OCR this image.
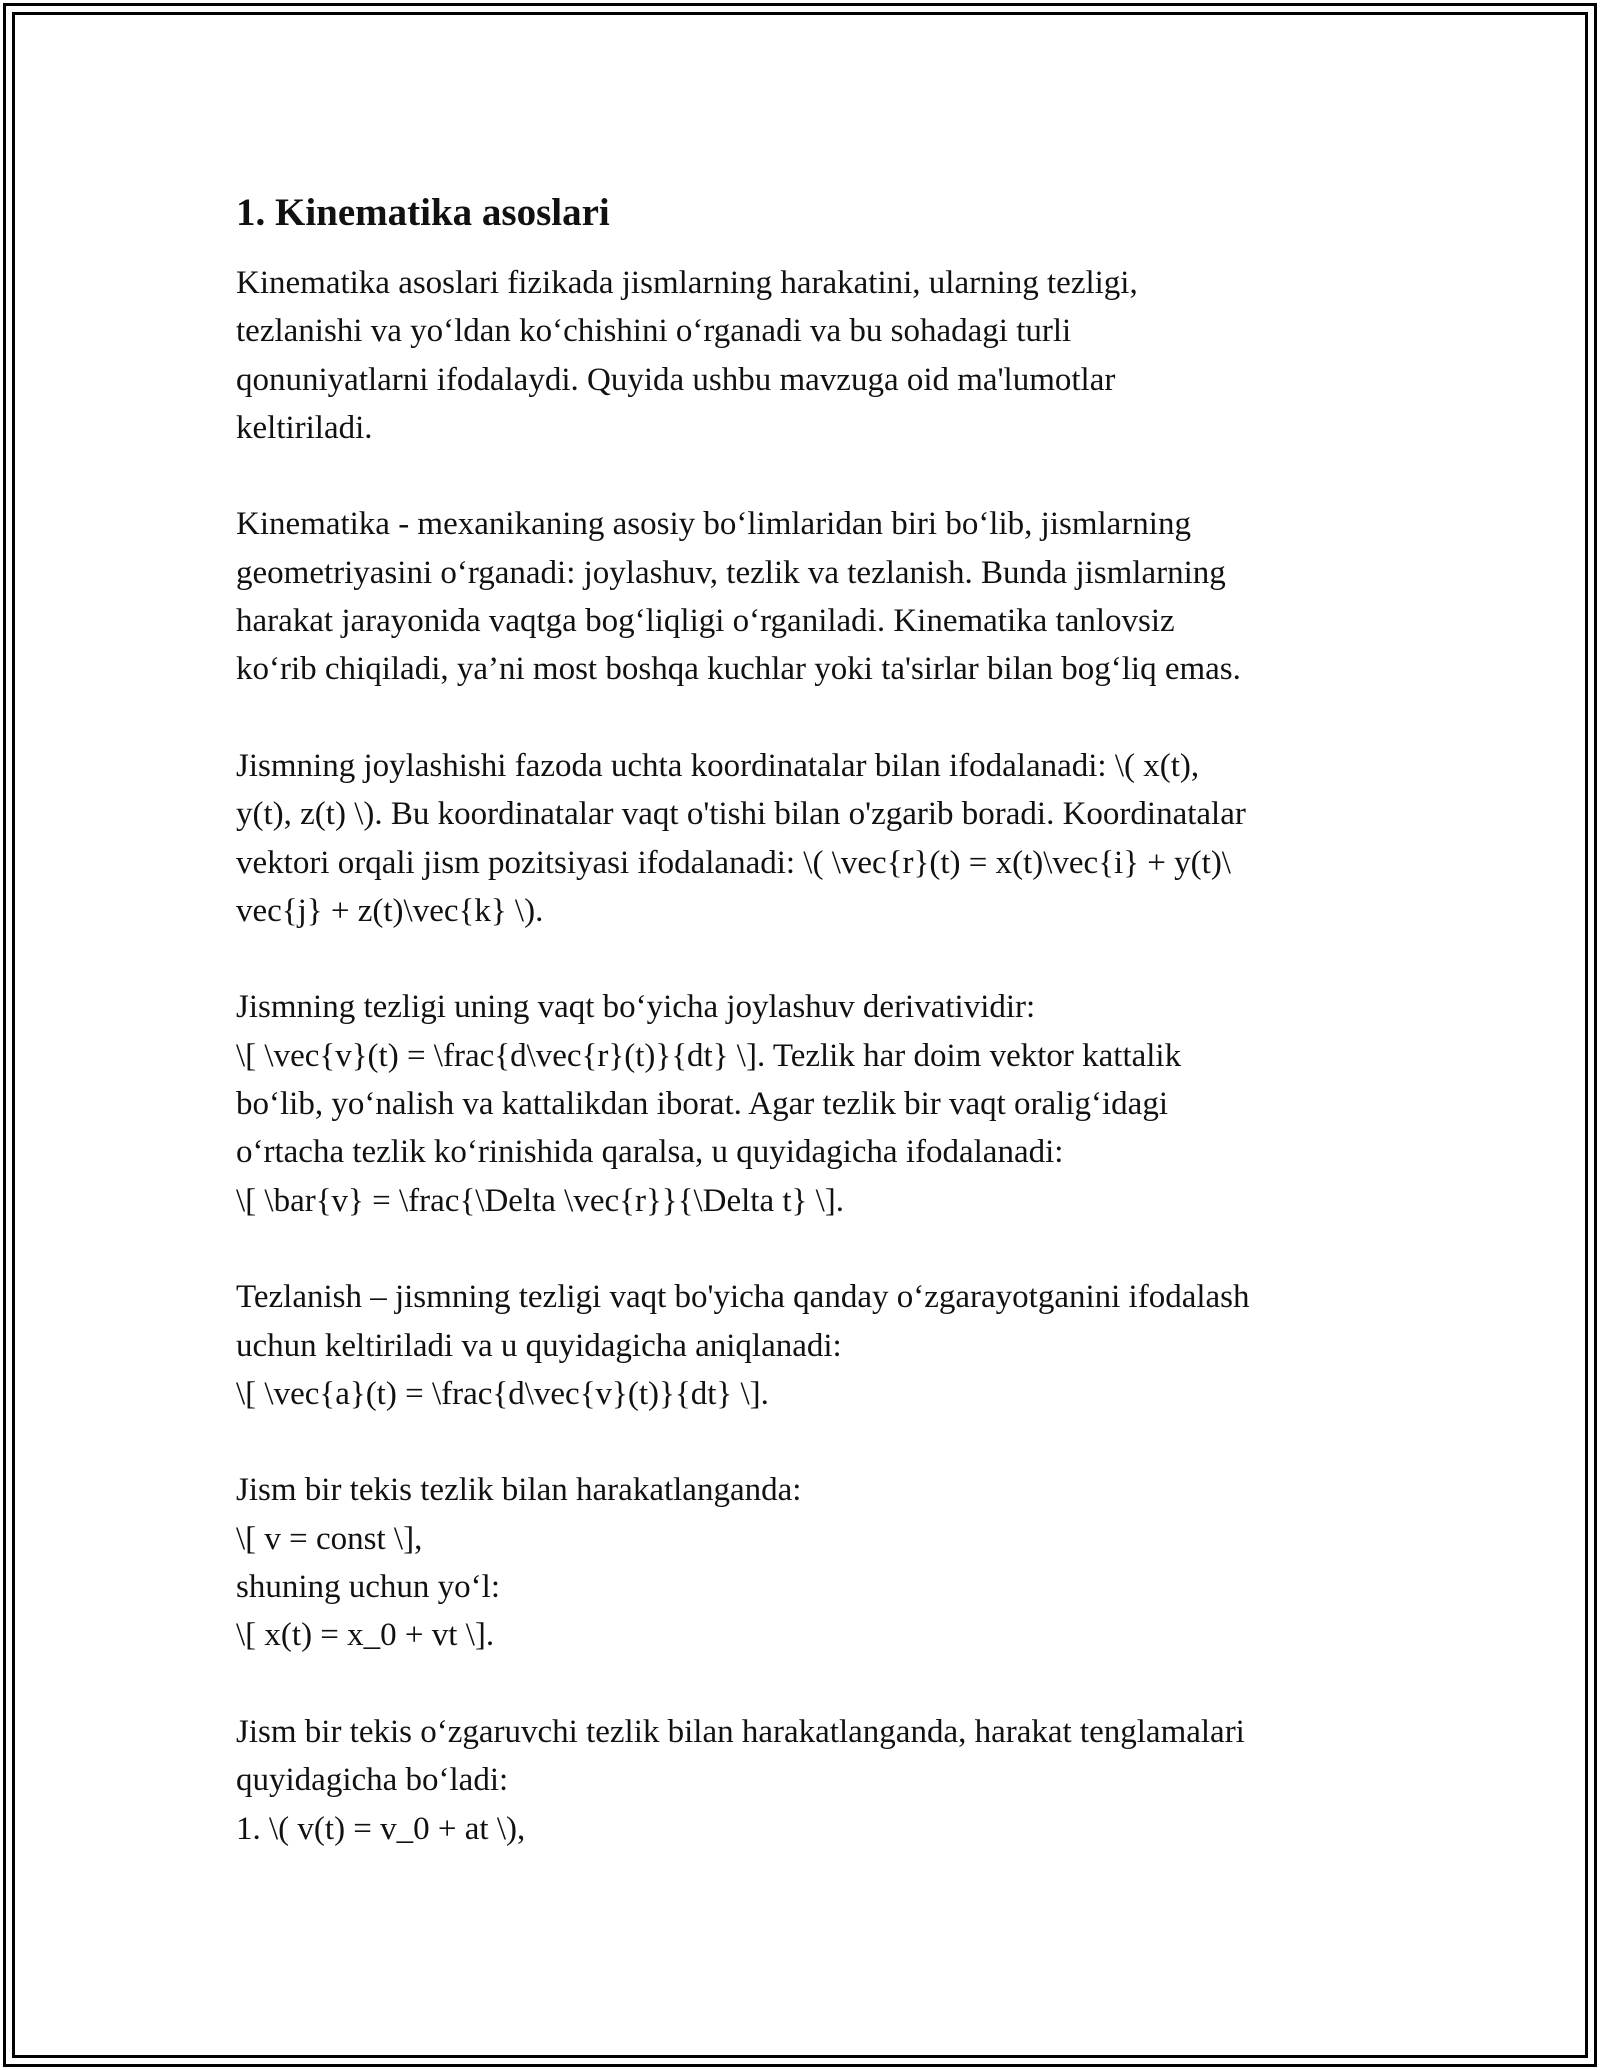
1. Kinematika asoslari

Kinematika asoslari fizikada jismlarning harakatini, ularning tezligi,
tezlanishi va yo‘ldan ko‘chishini o‘rganadi va bu sohadagi turli
qonuniyatlarni ifodalaydi. Quyida ushbu mavzuga oid ma'lumotlar
keltiriladi.

Kinematika - mexanikaning asosiy bo‘limlaridan biri bo‘lib, jismlarning
geometriyasini o‘rganadi: joylashuv, tezlik va tezlanish. Bunda jismlarning
harakat jarayonida vaqtga bog‘liqligi o‘rganiladi. Kinematika tanlovsiz
ko‘rib chiqiladi, ya’ni most boshqa kuchlar yoki ta'sirlar bilan bog‘liq emas.

Jismning joylashishi fazoda uchta koordinatalar bilan ifodalanadi: \( x(t),
y(t), z(t) \). Bu koordinatalar vaqt o'tishi bilan o'zgarib boradi. Koordinatalar
vektori orqali jism pozitsiyasi ifodalanadi: \( \vec{r}(t) = x(t)\vec{i} + y(t)\
vec{j} + z(t)\vec{k} \).

Jismning tezligi uning vaqt bo‘yicha joylashuv derivatividir:
\[ \vec{v}(t) = \frac{d\vec{r}(t)}{dt} \]. Tezlik har doim vektor kattalik
bo‘lib, yo‘nalish va kattalikdan iborat. Agar tezlik bir vaqt oralig‘idagi
o‘rtacha tezlik ko‘rinishida qaralsa, u quyidagicha ifodalanadi:
\[ \bar{v} = \frac{\Delta \vec{r}}{\Delta t} \].

Tezlanish – jismning tezligi vaqt bo'yicha qanday o‘zgarayotganini ifodalash
uchun keltiriladi va u quyidagicha aniqlanadi:
\[ \vec{a}(t) = \frac{d\vec{v}(t)}{dt} \].

Jism bir tekis tezlik bilan harakatlanganda:
\[ v = const \],
shuning uchun yo‘l:
\[ x(t) = x_0 + vt \].

Jism bir tekis o‘zgaruvchi tezlik bilan harakatlanganda, harakat tenglamalari
quyidagicha bo‘ladi:
1. \( v(t) = v_0 + at \),
